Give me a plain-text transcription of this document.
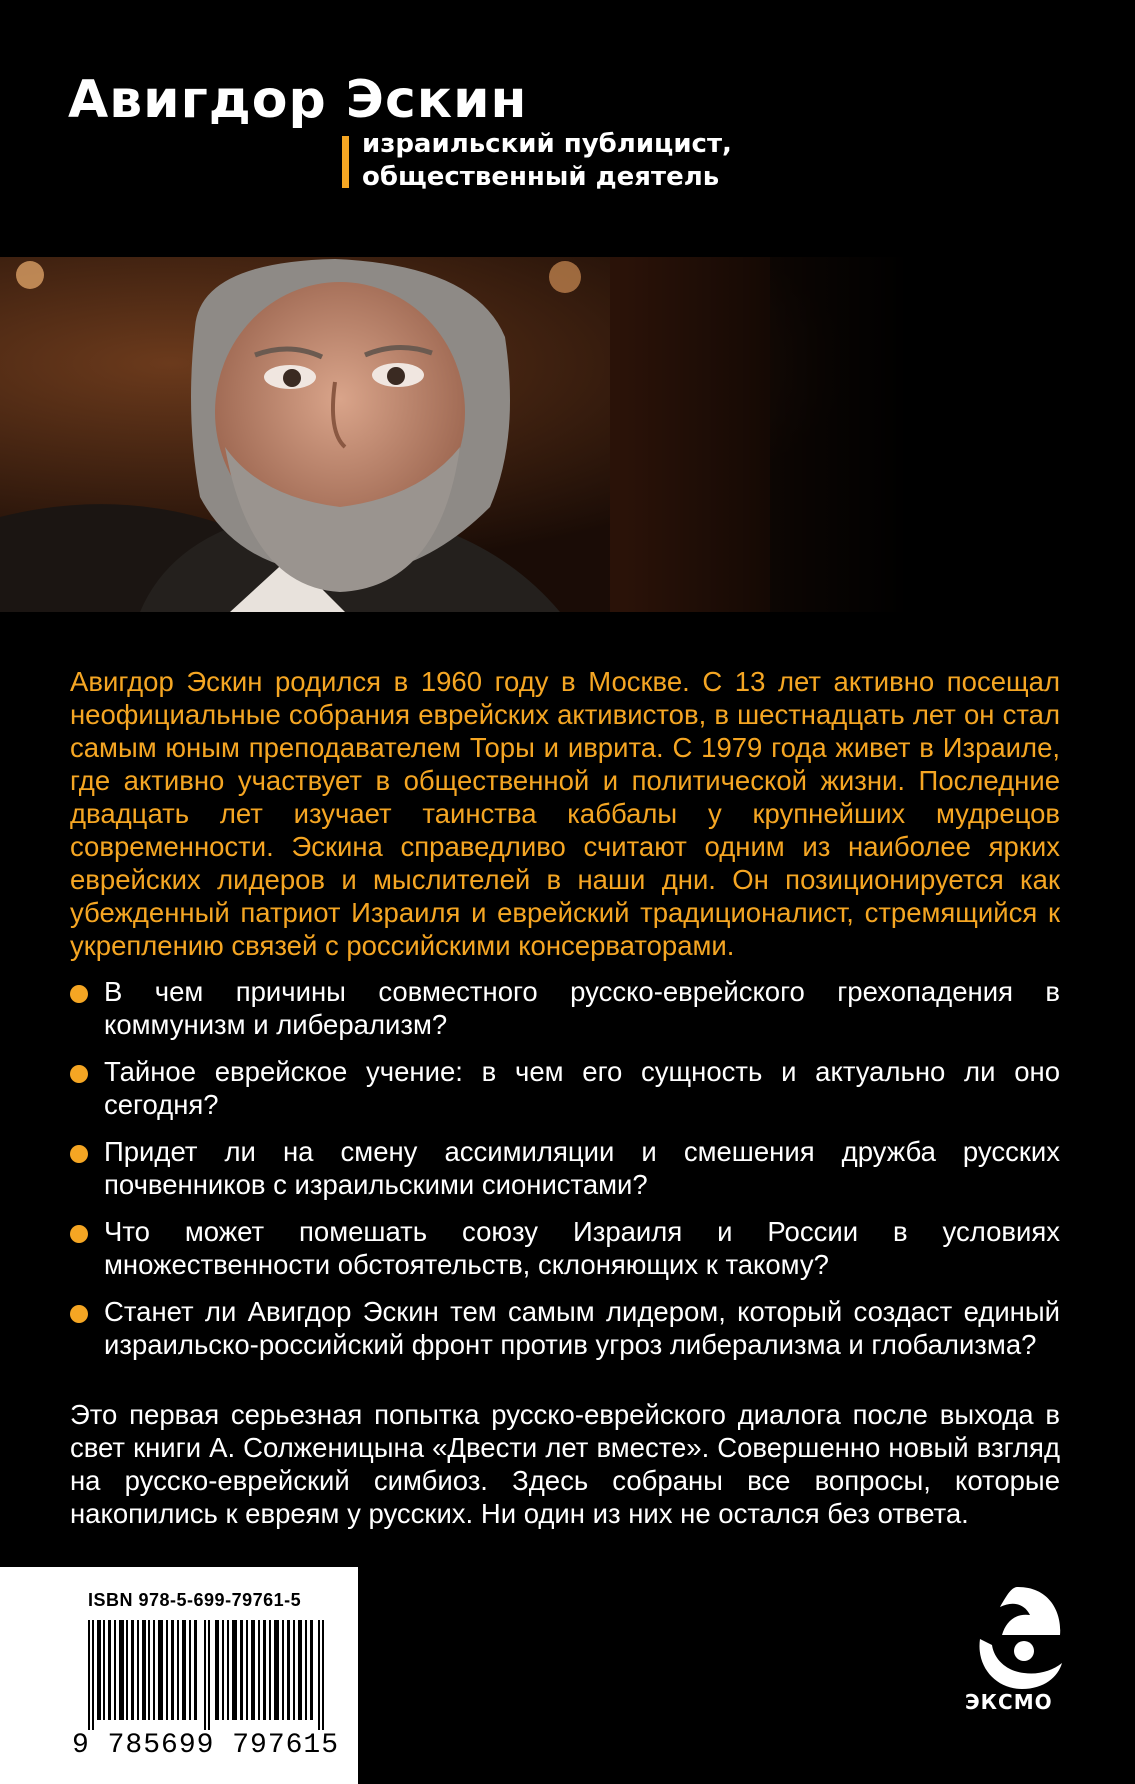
Авигдор Эскин
израильский публицист,
общественный деятель

Авигдор Эскин родился в 1960 году в Москве. С 13 лет активно посещал неофициальные собрания еврейских активистов, в шестнадцать лет он стал самым юным преподавателем Торы и иврита. С 1979 года живет в Израиле, где активно участвует в общественной и политической жизни. Последние двадцать лет изучает таинства каббалы у крупнейших мудрецов современности. Эскина справедливо считают одним из наиболее ярких еврейских лидеров и мыслителей в наши дни. Он позиционируется как убежденный патриот Израиля и еврейский традиционалист, стремящийся к укреплению связей с российскими консерваторами.

В чем причины совместного русско-еврейского грехопадения в коммунизм и либерализм?
Тайное еврейское учение: в чем его сущность и актуально ли оно сегодня?
Придет ли на смену ассимиляции и смешения дружба русских почвенников с израильскими сионистами?
Что может помешать союзу Израиля и России в условиях множественности обстоятельств, склоняющих к такому?
Станет ли Авигдор Эскин тем самым лидером, который создаст единый израильско-российский фронт против угроз либерализма и глобализма?

Это первая серьезная попытка русско-еврейского диалога после выхода в свет книги А. Солженицына «Двести лет вместе». Совершенно новый взгляд на русско-еврейский симбиоз. Здесь собраны все вопросы, которые накопились к евреям у русских. Ни один из них не остался без ответа.

ISBN 978-5-699-79761-5
9 785699 797615 >
ЭКСМО
